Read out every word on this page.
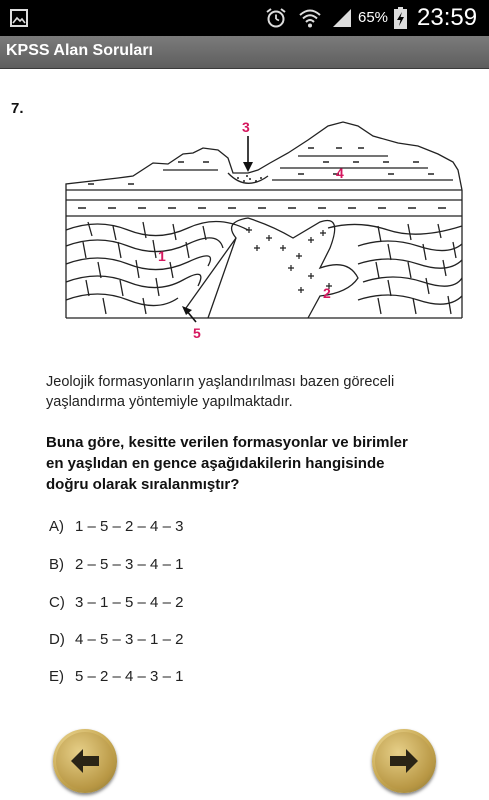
65% 23:59
KPSS Alan Soruları
7.
3
4
1
2
5
Jeolojik formasyonların yaşlandırılması bazen göreceli
yaşlandırma yöntemiyle yapılmaktadır.
Buna göre, kesitte verilen formasyonlar ve birimler
en yaşlıdan en gence aşağıdakilerin hangisinde
doğru olarak sıralanmıştır?
A) 1 – 5 – 2 – 4 – 3
B) 2 – 5 – 3 – 4 – 1
C) 3 – 1 – 5 – 4 – 2
D) 4 – 5 – 3 – 1 – 2
E) 5 – 2 – 4 – 3 – 1
